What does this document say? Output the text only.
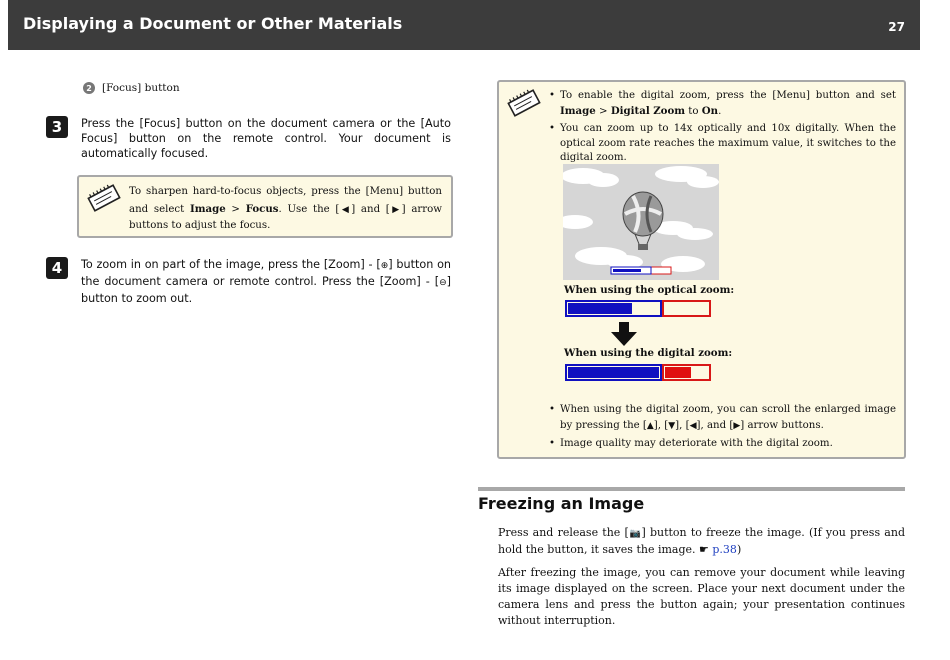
Displaying a Document or Other Materials	27
2 [Focus] button
3	Press the [Focus] button on the document camera or the [Auto Focus] button on the remote control. Your document is automatically focused.
To sharpen hard-to-focus objects, press the [Menu] button and select Image > Focus. Use the [◀] and [▶] arrow buttons to adjust the focus.
4	To zoom in on part of the image, press the [Zoom] - [⊕] button on the document camera or remote control. Press the [Zoom] - [⊖] button to zoom out.
• To enable the digital zoom, press the [Menu] button and set Image > Digital Zoom to On.
• You can zoom up to 14x optically and 10x digitally. When the optical zoom rate reaches the maximum value, it switches to the digital zoom.
When using the optical zoom:
When using the digital zoom:
• When using the digital zoom, you can scroll the enlarged image by pressing the [▲], [▼], [◀], and [▶] arrow buttons.
• Image quality may deteriorate with the digital zoom.
Freezing an Image
Press and release the [📷] button to freeze the image. (If you press and hold the button, it saves the image. ☛ p.38)
After freezing the image, you can remove your document while leaving its image displayed on the screen. Place your next document under the camera lens and press the button again; your presentation continues without interruption.
